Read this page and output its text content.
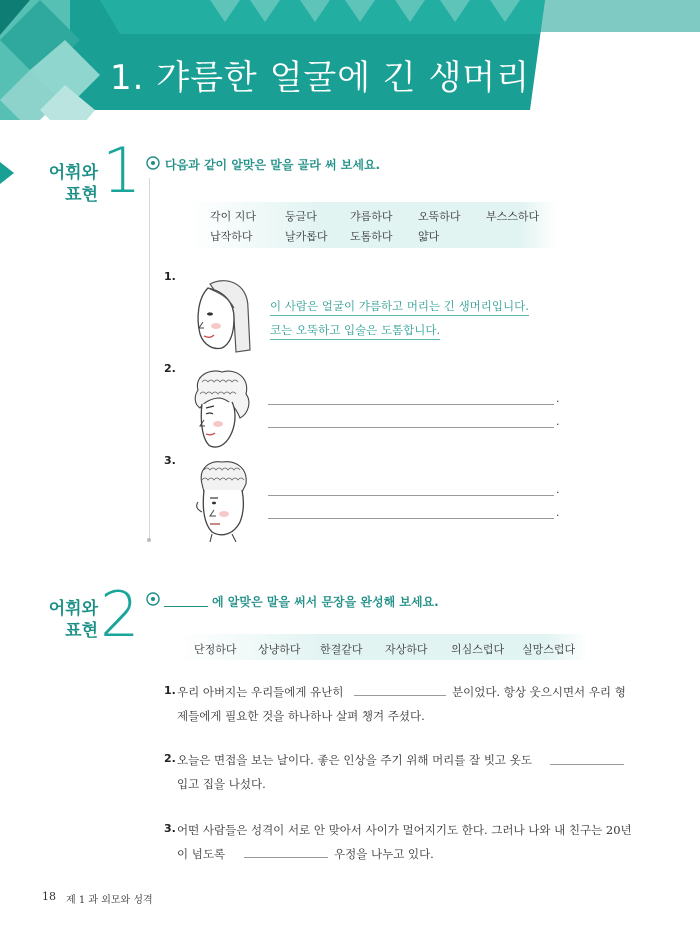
1. 갸름한 얼굴에 긴 생머리
어휘와
표현 1 다음과 같이 알맞은 말을 골라 써 보세요.
각이 지다	둥글다	갸름하다 오뚝하다 부스스하다
납작하다	날카롭다 도톰하다 얇다
1.
이 사람은 얼굴이 갸름하고 머리는 긴 생머리입니다.
코는 오뚝하고 입술은 도톰합니다.
2.
.
.
3.
.
.
어휘와
표현 2	에 알맞은 말을 써서 문장을 완성해 보세요.
단정하다 상냥하다 한결같다 자상하다 의심스럽다 실망스럽다
1. 우리 아버지는 우리들에게 유난히	분이었다. 항상 웃으시면서 우리 형
제들에게 필요한 것을 하나하나 살펴 챙겨 주셨다.
2. 오늘은 면접을 보는 날이다. 좋은 인상을 주기 위해 머리를 잘 빗고 옷도
입고 집을 나섰다.
3. 어떤 사람들은 성격이 서로 안 맞아서 사이가 멀어지기도 한다. 그러나 나와 내 친구는 20년
이 넘도록	우정을 나누고 있다.
18 제 1 과 외모와 성격
